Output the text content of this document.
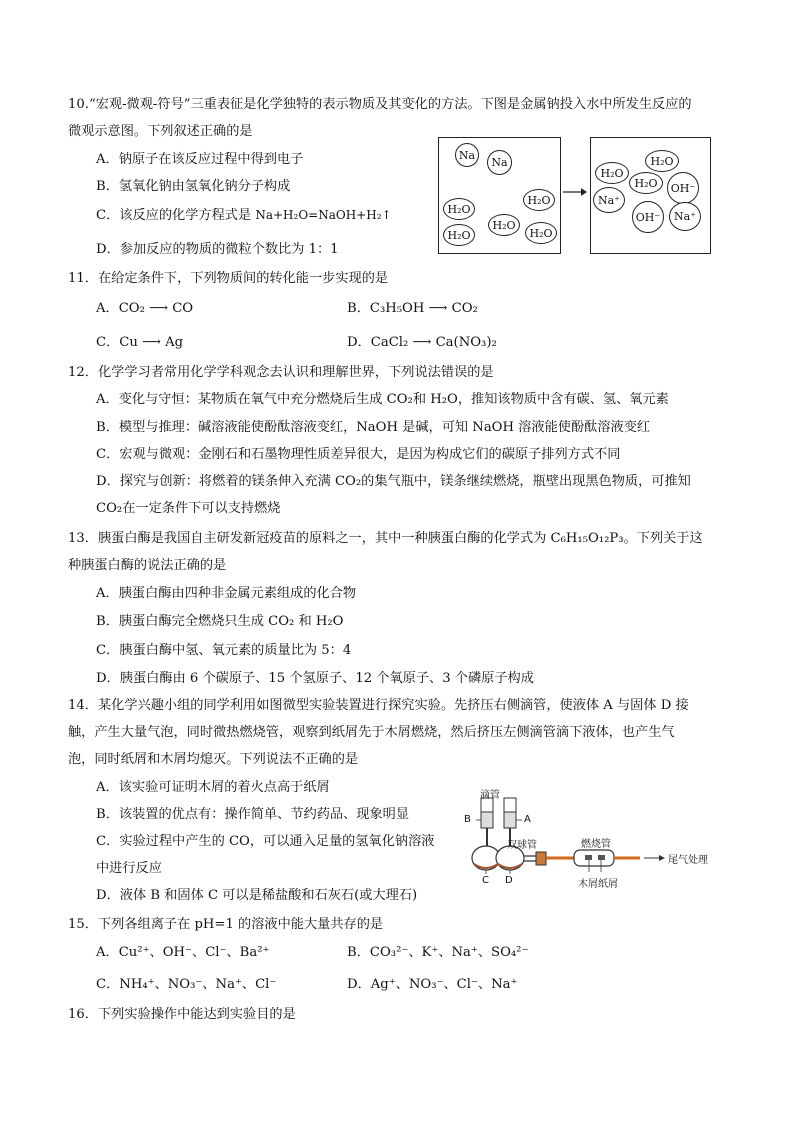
10.“宏观-微观-符号”三重表征是化学独特的表示物质及其变化的方法。下图是金属钠投入水中所发生反应的
微观示意图。下列叙述正确的是
A．钠原子在该反应过程中得到电子
B．氢氧化钠由氢氧化钠分子构成
C．该反应的化学方程式是 Na+H₂O=NaOH+H₂↑
D．参加反应的物质的微粒个数比为 1：1
Na
Na
H₂O
H₂O
H₂O
H₂O	H₂O
H₂O
H₂O
H₂O	OH⁻
Na⁺
OH⁻	Na⁺
11．在给定条件下，下列物质间的转化能一步实现的是
A．CO₂ ⟶ CO	B．C₃H₅OH ⟶ CO₂
C．Cu ⟶ Ag	D．CaCl₂ ⟶ Ca(NO₃)₂
12．化学学习者常用化学学科观念去认识和理解世界，下列说法错误的是
A．变化与守恒：某物质在氧气中充分燃烧后生成 CO₂和 H₂O，推知该物质中含有碳、氢、氧元素
B．模型与推理：碱溶液能使酚酞溶液变红，NaOH 是碱，可知 NaOH 溶液能使酚酞溶液变红
C．宏观与微观：金刚石和石墨物理性质差异很大，是因为构成它们的碳原子排列方式不同
D．探究与创新：将燃着的镁条伸入充满 CO₂的集气瓶中，镁条继续燃烧，瓶壁出现黑色物质，可推知
CO₂在一定条件下可以支持燃烧
13．胰蛋白酶是我国自主研发新冠疫苗的原料之一，其中一种胰蛋白酶的化学式为 C₆H₁₅O₁₂P₃。下列关于这
种胰蛋白酶的说法正确的是
A．胰蛋白酶由四种非金属元素组成的化合物
B．胰蛋白酶完全燃烧只生成 CO₂ 和 H₂O
C．胰蛋白酶中氢、氧元素的质量比为 5：4
D．胰蛋白酶由 6 个碳原子、15 个氢原子、12 个氧原子、3 个磷原子构成
14．某化学兴趣小组的同学利用如图微型实验装置进行探究实验。先挤压右侧滴管，使液体 A 与固体 D 接
触，产生大量气泡，同时微热燃烧管，观察到纸屑先于木屑燃烧，然后挤压左侧滴管滴下液体，也产生气
泡，同时纸屑和木屑均熄灭。下列说法不正确的是
A．该实验可证明木屑的着火点高于纸屑
B．该装置的优点有：操作简单、节约药品、现象明显
C．实验过程中产生的 CO，可以通入足量的氢氧化钠溶液
中进行反应
D．液体 B 和固体 C 可以是稀盐酸和石灰石(或大理石)
滴管
B	A
双球管	燃烧管
尾气处理
C D	木屑纸屑
15．下列各组离子在 pH=1 的溶液中能大量共存的是
A．Cu²⁺、OH⁻、Cl⁻、Ba²⁺	B．CO₃²⁻、K⁺、Na⁺、SO₄²⁻
C．NH₄⁺、NO₃⁻、Na⁺、Cl⁻	D．Ag⁺、NO₃⁻、Cl⁻、Na⁺
16．下列实验操作中能达到实验目的是
